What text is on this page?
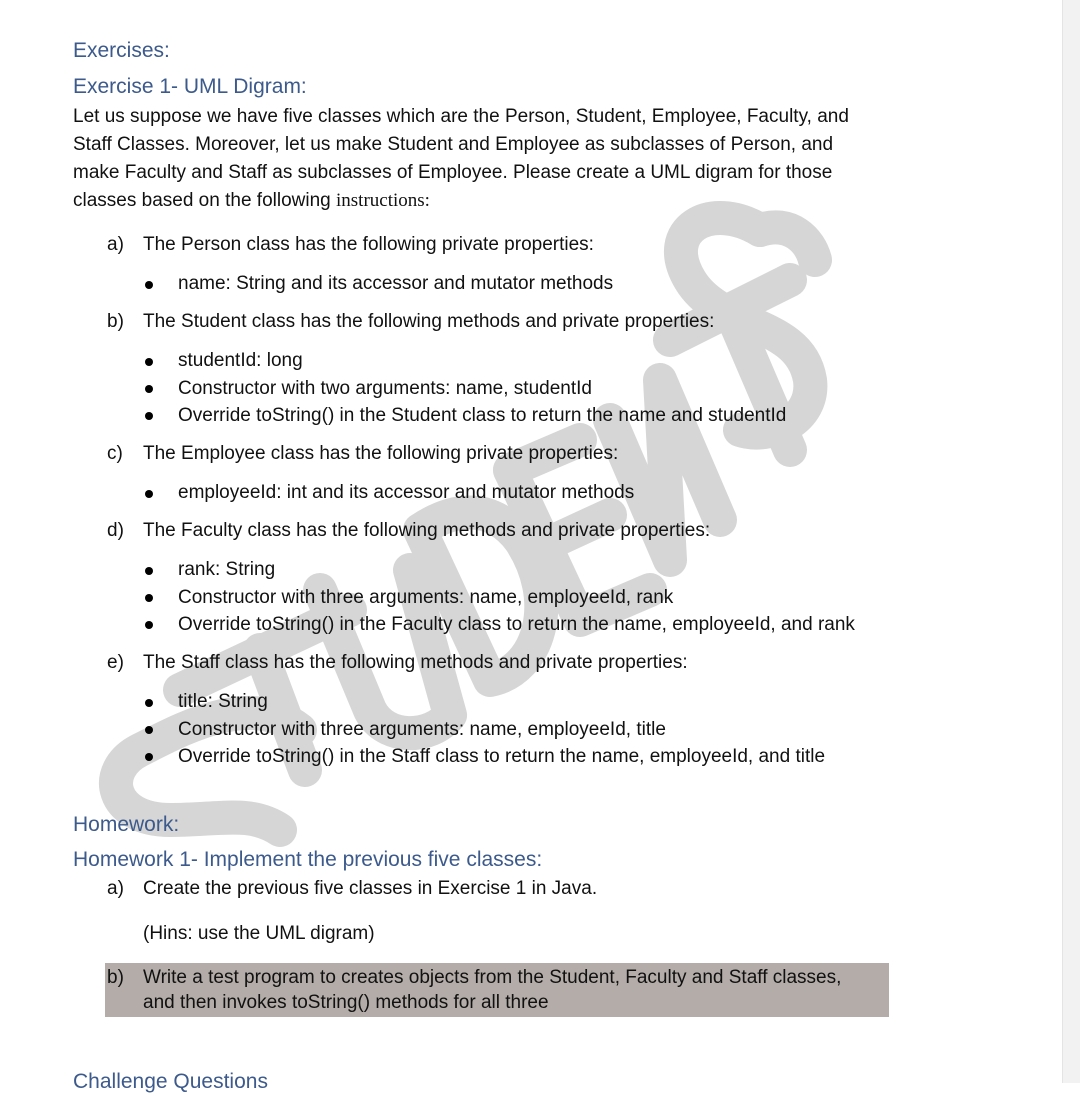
Exercises:
Exercise 1- UML Digram:
Let us suppose we have five classes which are the Person, Student, Employee, Faculty, and
Staff Classes. Moreover, let us make Student and Employee as subclasses of Person, and
make Faculty and Staff as subclasses of Employee. Please create a UML digram for those
classes based on the following instructions:
a) The Person class has the following private properties:
name: String and its accessor and mutator methods
b) The Student class has the following methods and private properties:
studentId: long
Constructor with two arguments: name, studentId
Override toString() in the Student class to return the name and studentId
c) The Employee class has the following private properties:
employeeId: int and its accessor and mutator methods
d) The Faculty class has the following methods and private properties:
rank: String
Constructor with three arguments: name, employeeId, rank
Override toString() in the Faculty class to return the name, employeeId, and rank
e) The Staff class has the following methods and private properties:
title: String
Constructor with three arguments: name, employeeId, title
Override toString() in the Staff class to return the name, employeeId, and title
Homework:
Homework 1- Implement the previous five classes:
a) Create the previous five classes in Exercise 1 in Java.
(Hins: use the UML digram)
b) Write a test program to creates objects from the Student, Faculty and Staff classes,
and then invokes toString() methods for all three
Challenge Questions
